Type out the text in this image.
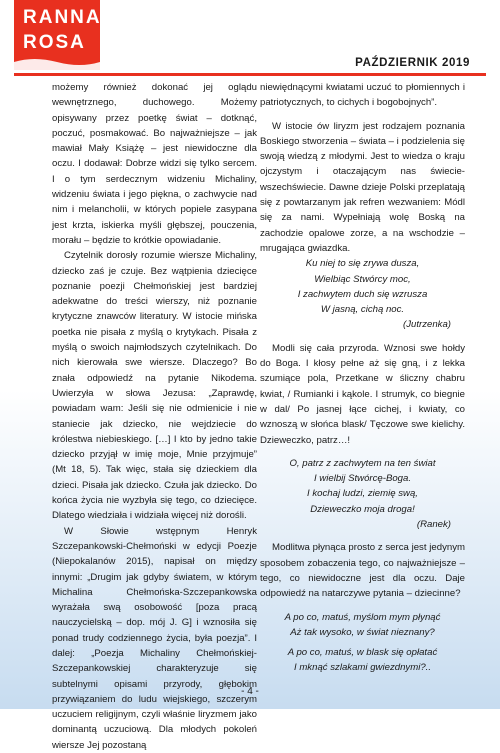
RANNA
ROSA
PAŹDZIERNIK 2019

możemy również dokonać jej oglądu wewnętrznego, duchowego. Możemy opisywany przez poetkę świat – dotknąć, poczuć, posmakować. Bo najważniejsze – jak mawiał Mały Książę – jest niewidoczne dla oczu. I dodawał: Dobrze widzi się tylko sercem. I o tym serdecznym widzeniu Michaliny, widzeniu świata i jego piękna, o zachwycie nad nim i melancholii, w których popiele zasypana jest krzta, iskierka myśli głębszej, pouczenia, morału – będzie to krótkie opowiadanie.

Czytelnik dorosły rozumie wiersze Michaliny, dziecko zaś je czuje. Bez wątpienia dziecięce poznanie poezji Chełmońskiej jest bardziej adekwatne do treści wierszy, niż poznanie krytyczne znawców literatury. W istocie mińska poetka nie pisała z myślą o krytykach. Pisała z myślą o swoich najmłodszych czytelnikach. Do nich kierowała swe wiersze. Dlaczego? Bo znała odpowiedź na pytanie Nikodema. Uwierzyła w słowa Jezusa: „Zaprawdę, powiadam wam: Jeśli się nie odmienicie i nie staniecie jak dziecko, nie wejdziecie do królestwa niebieskiego. […] I kto by jedno takie dziecko przyjął w imię moje, Mnie przyjmuje” (Mt 18, 5). Tak więc, stała się dzieckiem dla dzieci. Pisała jak dziecko. Czuła jak dziecko. Do końca życia nie wyzbyła się tego, co dziecięce. Dlatego wiedziała i widziała więcej niż dorośli.

W Słowie wstępnym Henryk Szczepankowski-Chełmoński w edycji Poezje (Niepokalanów 2015), napisał on między innymi: „Drugim jak gdyby światem, w którym Michalina Chełmońska-Szczepankowska wyrażała swą osobowość [poza pracą nauczycielską – dop. mój J. G] i wznosiła się ponad trudy codziennego życia, była poezja”. I dalej: „Poezja Michaliny Chełmońskiej-Szczepankowskiej charakteryzuje się subtelnymi opisami przyrody, głębokim przywiązaniem do ludu wiejskiego, szczerym uczuciem religijnym, czyli właśnie liryzmem jako dominantą uczuciową. Dla młodych pokoleń wiersze Jej pozostaną

niewiędnącymi kwiatami uczuć to płomiennych i patriotycznych, to cichych i bogobojnych”.

W istocie ów liryzm jest rodzajem poznania Boskiego stworzenia – świata – i podzielenia się swoją wiedzą z młodymi. Jest to wiedza o kraju ojczystym i otaczającym nas świecie-wszechświecie. Dawne dzieje Polski przeplatają się z powtarzanym jak refren wezwaniem: Módl się za nami. Wypełniają wolę Boską na zachodzie opalowe zorze, a na wschodzie – mrugająca gwiazdka.

Ku niej to się zrywa dusza,

Wielbiąc Stwórcy moc,

I zachwytem duch się wzrusza

W jasną, cichą noc.

(Jutrzenka)

Modli się cała przyroda. Wznosi swe hołdy do Boga. I kłosy pełne aż się gną, i z lekka szumiące pola, Przetkane w śliczny chabru kwiat, / Rumianki i kąkole. I strumyk, co biegnie w dal/ Po jasnej łące cichej, i kwiaty, co wznoszą w słońca blask/ Tęczowe swe kielichy. Dzieweczko, patrz…!

O, patrz z zachwytem na ten świat

I wielbij Stwórcę-Boga.

I kochaj ludzi, ziemię swą,

Dzieweczko moja droga!

(Ranek)

Modlitwa płynąca prosto z serca jest jedynym sposobem zobaczenia tego, co najważniejsze – tego, co niewidoczne jest dla oczu. Daje odpowiedź na natarczywe pytania – dziecinne?

A po co, matuś, myślom mym płynąć

Aż tak wysoko, w świat nieznany?

A po co, matuś, w blask się opłatać

I mknąć szlakami gwiezdnymi?..

- 4 -
